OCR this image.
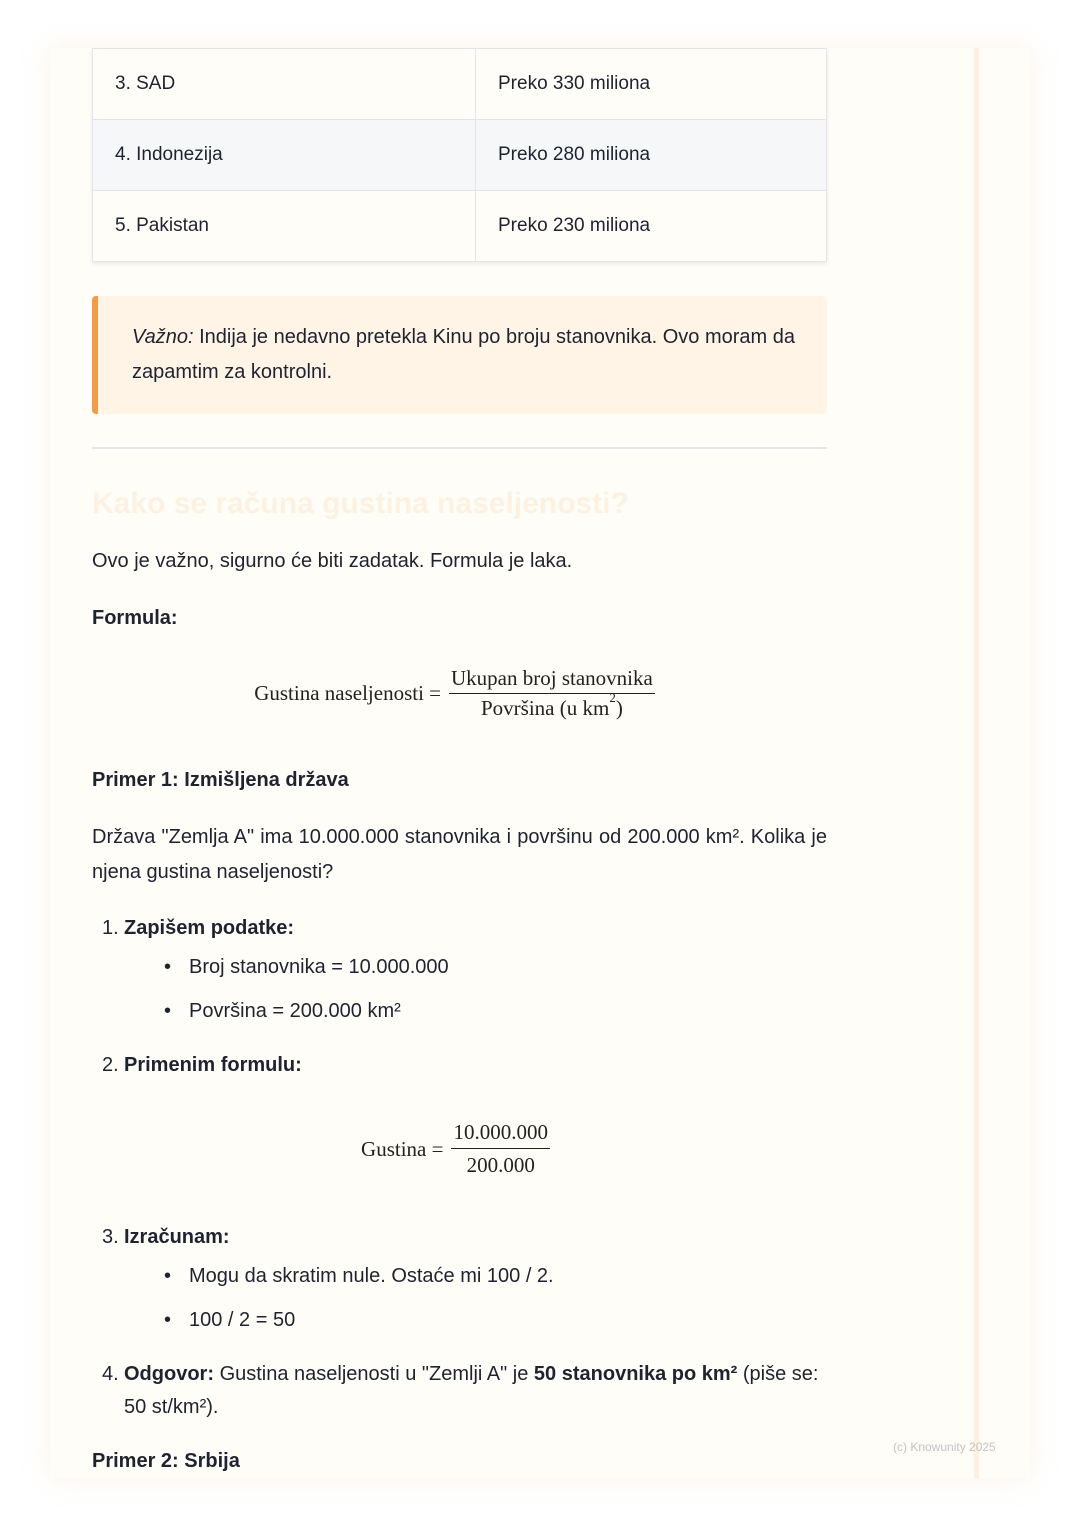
3. SAD	Preko 330 miliona
4. Indonezija	Preko 280 miliona
5. Pakistan	Preko 230 miliona
Važno: Indija je nedavno pretekla Kinu po broju stanovnika. Ovo moram da zapamtim za kontrolni.
Kako se računa gustina naseljenosti?

Ovo je važno, sigurno će biti zadatak. Formula je laka.

Formula:

Gustina naseljenosti = $\frac{\text{Ukupan broj stanovnika}}{Površina (u km^2)}$

Primer 1: Izmišljena država

Država "Zemlja A" ima 10.000.000 stanovnika i površinu od 200.000 km². Kolika je njena gustina naseljenosti?

1. Zapišem podatke:
• Broj stanovnika = 10.000.000
• Površina = 200.000 km²
2. Primenim formulu:
Gustina = $\frac{10.000.000}{200.000}$
3. Izračunam:
• Mogu da skratim nule. Ostaće mi 100 / 2.
• 100 / 2 = 50
4. Odgovor: Gustina naseljenosti u "Zemlji A" je 50 stanovnika po km² (piše se: 50 st/km²).

Primer 2: Srbija

(c) Knowunity 2025
